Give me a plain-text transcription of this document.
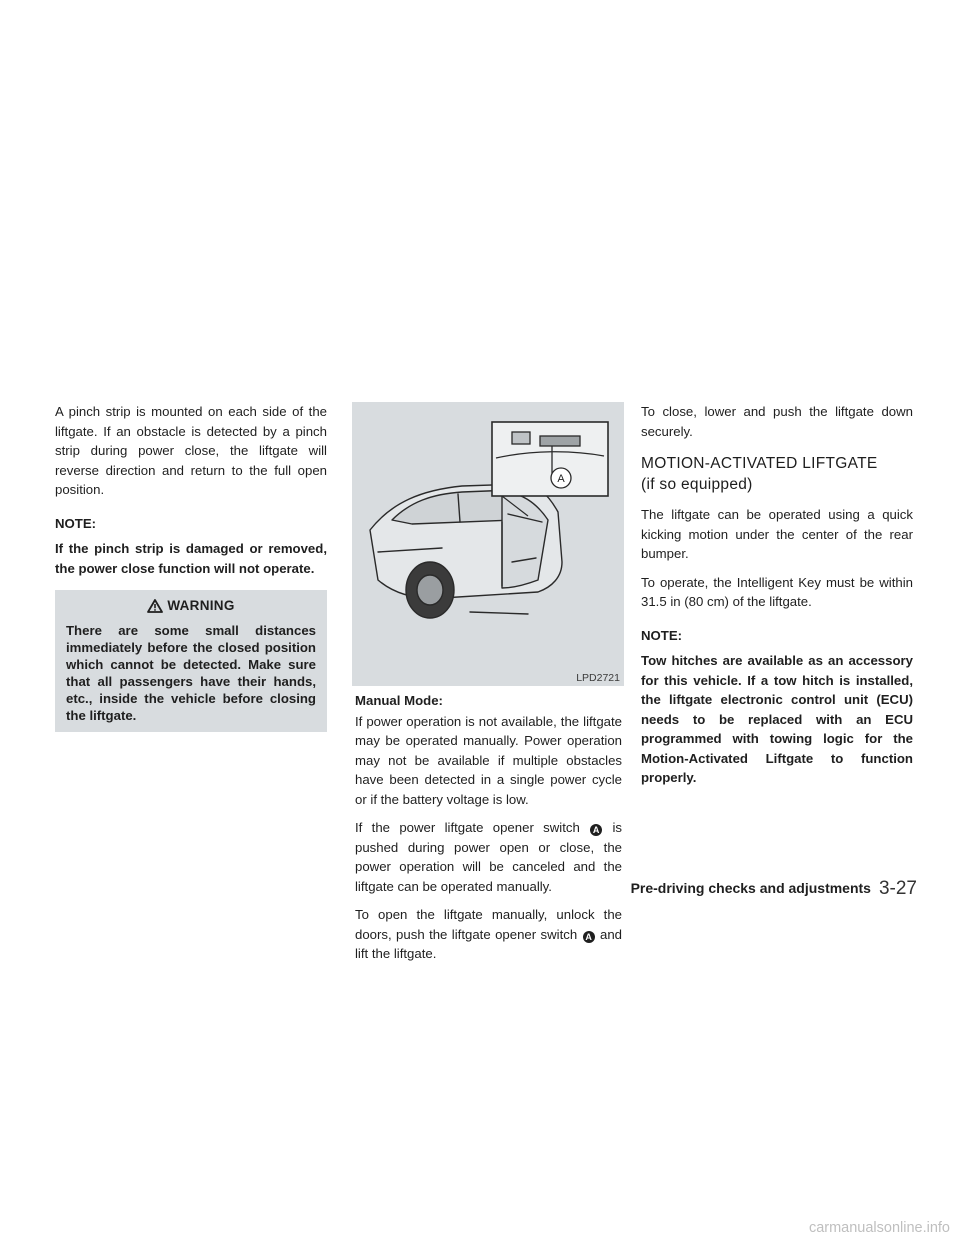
A pinch strip is mounted on each side of the liftgate. If an obstacle is detected by a pinch strip during power close, the liftgate will reverse direction and return to the full open position.

NOTE:

If the pinch strip is damaged or removed, the power close function will not operate.

WARNING

There are some small distances immediately before the closed position which cannot be detected. Make sure that all passengers have their hands, etc., inside the vehicle before closing the liftgate.

A
LPD2721
Manual Mode:

If power operation is not available, the liftgate may be operated manually. Power operation may not be available if multiple obstacles have been detected in a single power cycle or if the battery voltage is low.

If the power liftgate opener switch A is pushed during power open or close, the power operation will be canceled and the liftgate can be operated manually.

To open the liftgate manually, unlock the doors, push the liftgate opener switch A and lift the liftgate.

To close, lower and push the liftgate down securely.

MOTION-ACTIVATED LIFTGATE
(if so equipped)

The liftgate can be operated using a quick kicking motion under the center of the rear bumper.

To operate, the Intelligent Key must be within 31.5 in (80 cm) of the liftgate.

NOTE:

Tow hitches are available as an accessory for this vehicle. If a tow hitch is installed, the liftgate electronic control unit (ECU) needs to be replaced with an ECU programmed with towing logic for the Motion-Activated Liftgate to function properly.

Pre-driving checks and adjustments 3-27
carmanualsonline.info
